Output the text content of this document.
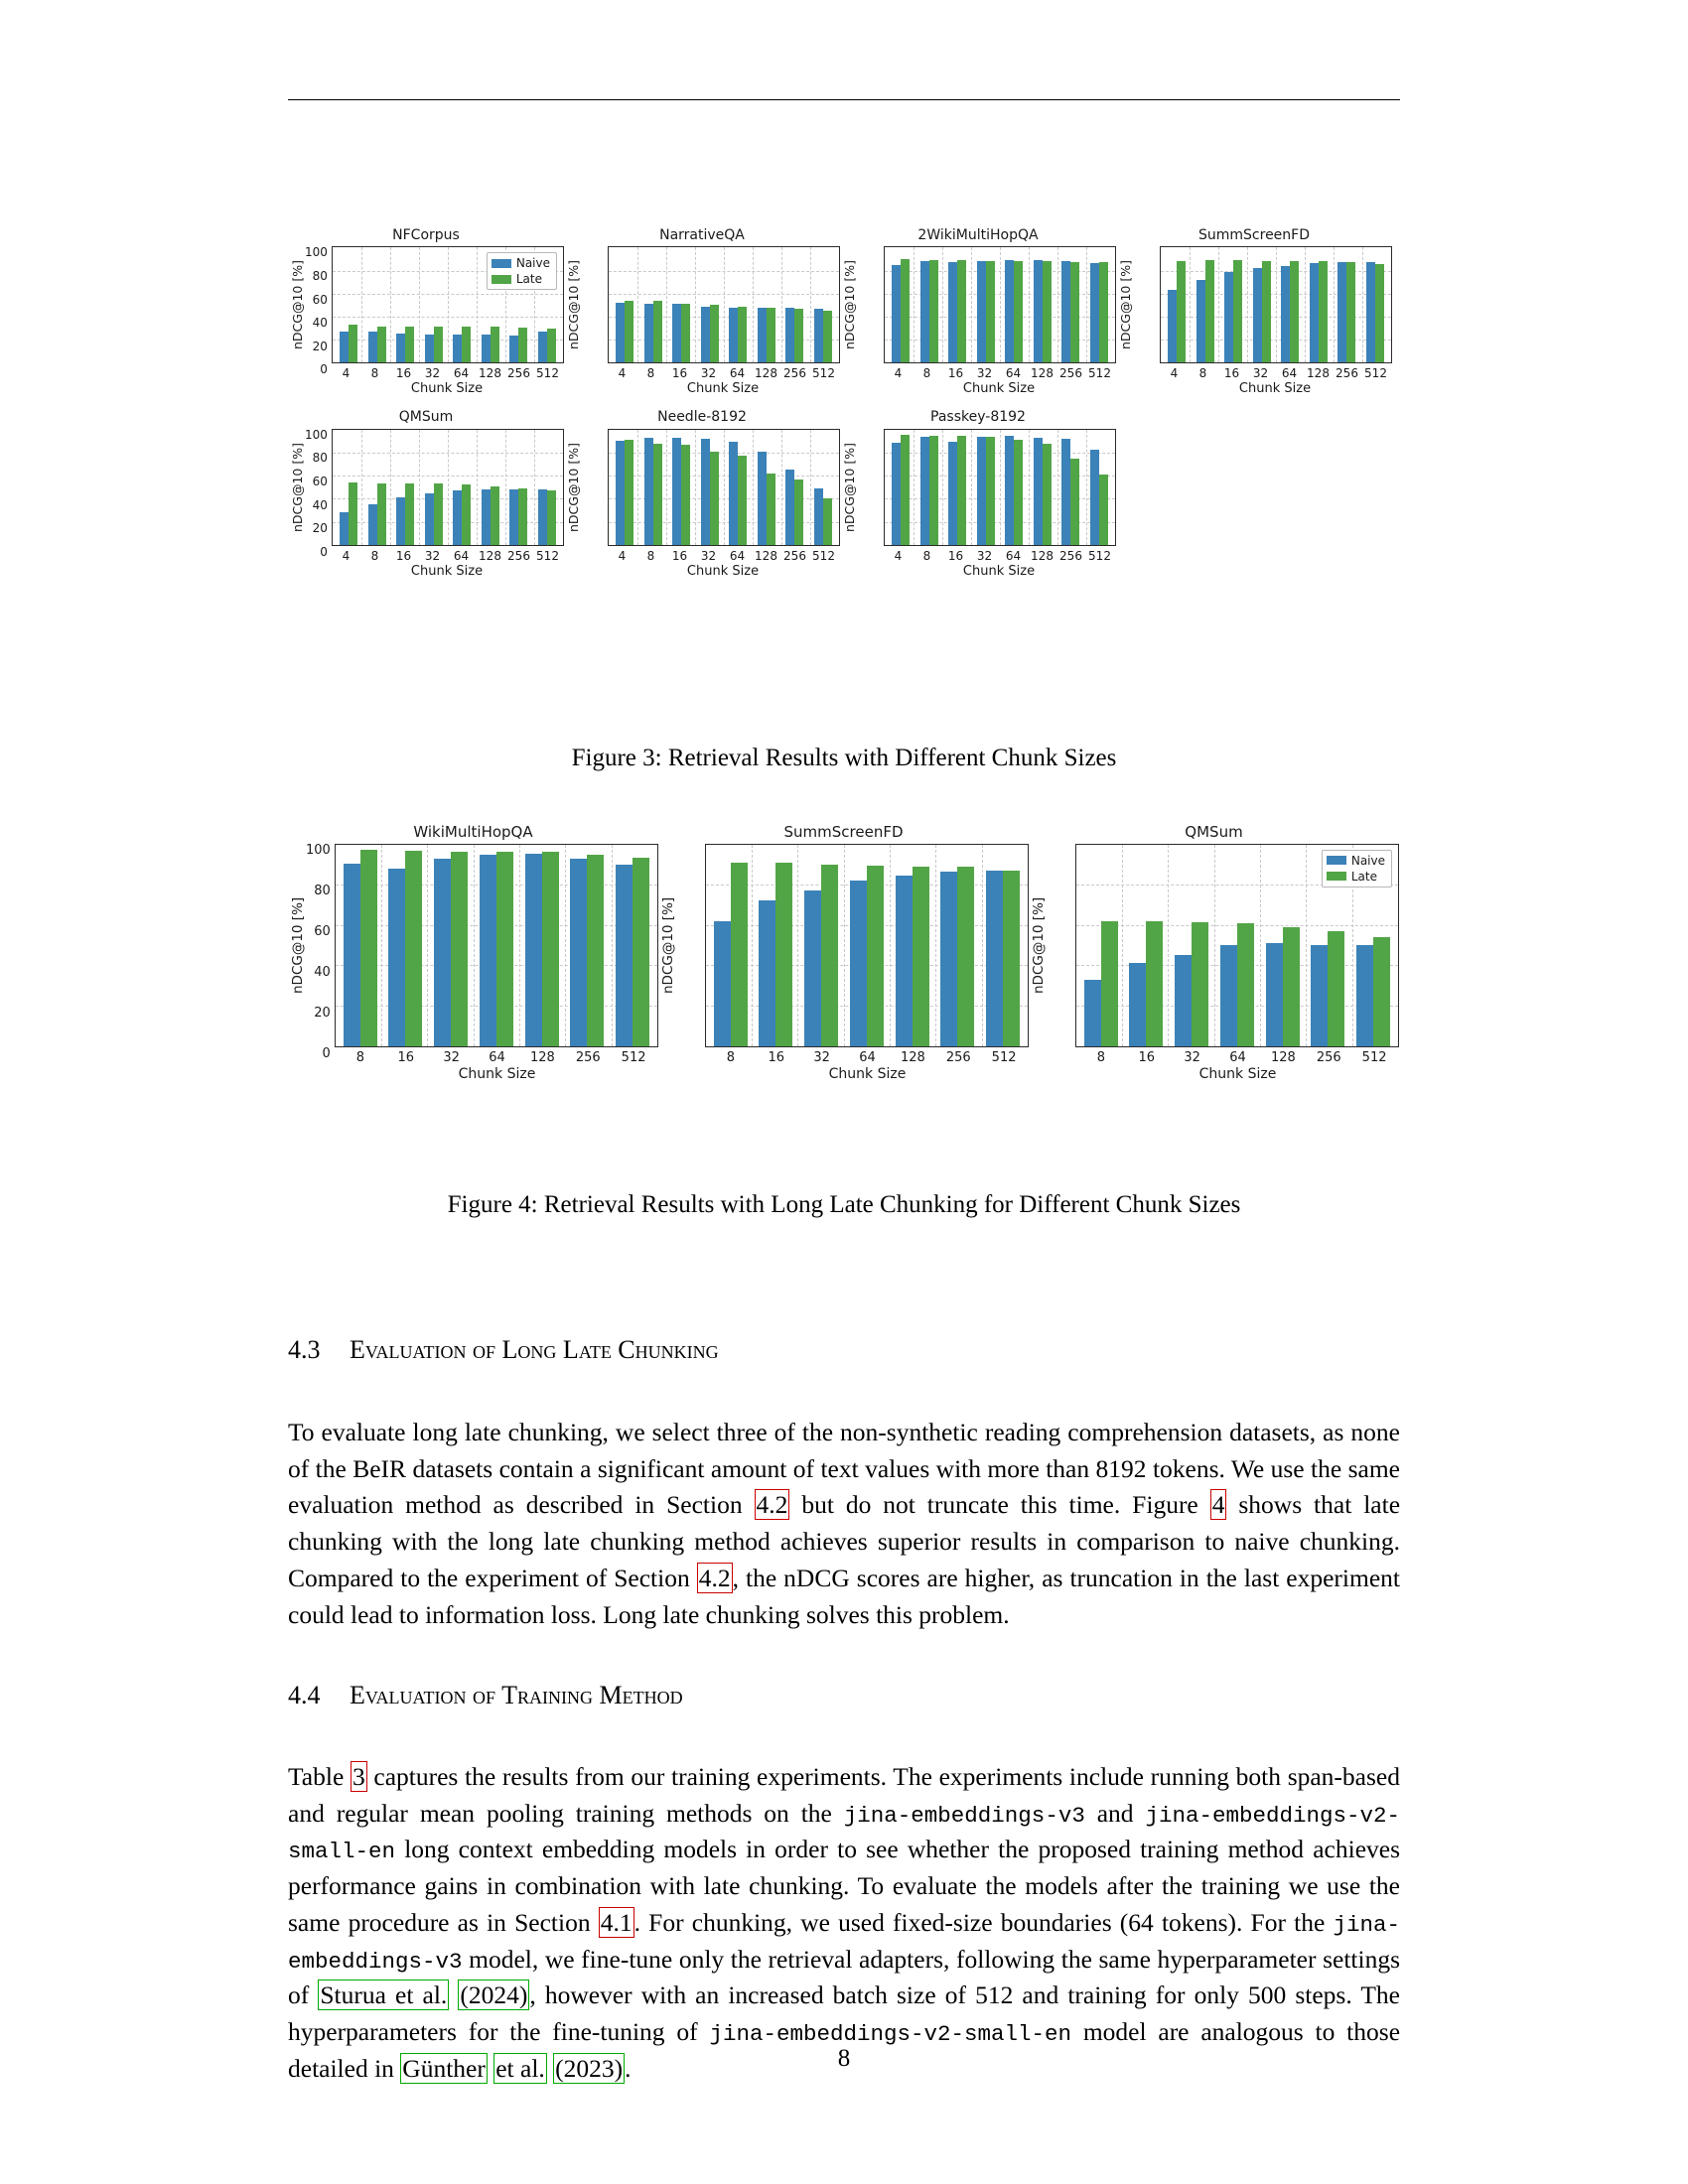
NFCorpus
nDCG@10 [%]
100
80
60
40
20
0
Naive
Late
4	8	16	32	64 128 256 512
Chunk Size
NarrativeQA
nDCG@10 [%]
4	8	16	32	64 128 256 512
Chunk Size
2WikiMultiHopQA
nDCG@10 [%]
4	8	16	32	64 128 256 512
Chunk Size
SummScreenFD
nDCG@10 [%]
4	8	16	32	64 128 256 512
Chunk Size
QMSum
nDCG@10 [%]
100
80
60
40
20
0	4	8	16	32	64 128 256 512
Chunk Size
Needle-8192
nDCG@10 [%]
4	8	16	32	64 128 256 512
Chunk Size
Passkey-8192
nDCG@10 [%]
4	8	16	32	64 128 256 512
Chunk Size
Figure 3: Retrieval Results with Different Chunk Sizes
WikiMultiHopQA
nDCG@10 [%]
100
80
60
40
20
0	8	16	32	64	128	256	512
Chunk Size
SummScreenFD
nDCG@10 [%]
8	16	32	64	128	256	512
Chunk Size
QMSum
nDCG@10 [%]
Naive
Late
8	16	32	64	128	256	512
Chunk Size
Figure 4: Retrieval Results with Long Late Chunking for Different Chunk Sizes
4.3 Evaluation of Long Late Chunking
To evaluate long late chunking, we select three of the non-synthetic reading comprehension datasets, as none of the BeIR datasets contain a significant amount of text values with more than 8192 tokens. We use the same evaluation method as described in Section 4.2 but do not truncate this time. Figure 4 shows that late chunking with the long late chunking method achieves superior results in comparison to naive chunking. Compared to the experiment of Section 4.2, the nDCG scores are higher, as truncation in the last experiment could lead to information loss. Long late chunking solves this problem.
4.4 Evaluation of Training Method
Table 3 captures the results from our training experiments. The experiments include running both span-based and regular mean pooling training methods on the jina-embeddings-v3 and jina-embeddings-v2-small-en long context embedding models in order to see whether the proposed training method achieves performance gains in combination with late chunking. To evaluate the models after the training we use the same procedure as in Section 4.1. For chunking, we used fixed-size boundaries (64 tokens). For the jina-embeddings-v3 model, we fine-tune only the retrieval adapters, following the same hyperparameter settings of Sturua et al. (2024), however with an increased batch size of 512 and training for only 500 steps. The hyperparameters for the fine-tuning of jina-embeddings-v2-small-en model are analogous to those detailed in Günther et al. (2023).	8
